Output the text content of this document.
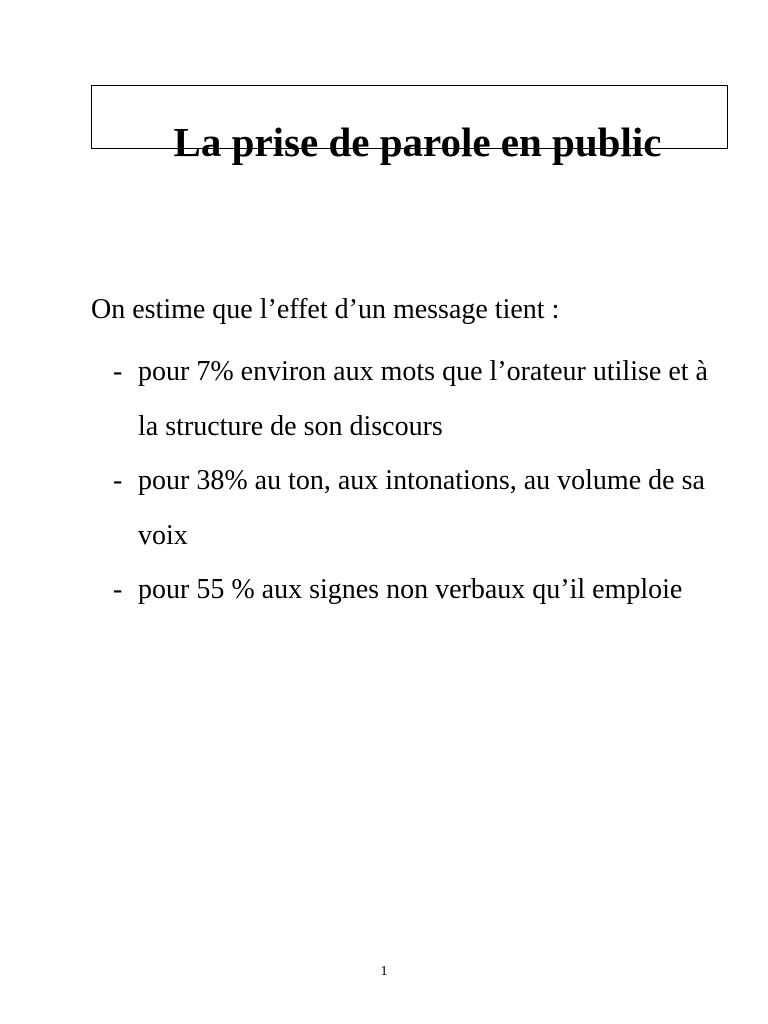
La prise de parole en public

On estime que l’effet d’un message tient :

- pour 7% environ aux mots que l’orateur utilise et à la structure de son discours
- pour 38% au ton, aux intonations, au volume de sa voix
- pour 55 % aux signes non verbaux qu’il emploie
1
